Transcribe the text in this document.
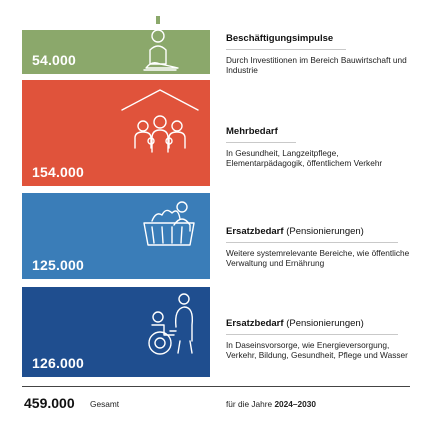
54.000
Beschäftigungsimpulse
Durch Investitionen im Bereich Bauwirtschaft und Industrie
154.000
Mehrbedarf
In Gesundheit, Langzeitpflege, Elementarpädagogik, öffentlichem Verkehr
125.000
Ersatzbedarf (Pensionierungen)
Weitere systemrelevante Bereiche, wie öffentliche Verwaltung und Ernährung
126.000
Ersatzbedarf (Pensionierungen)
In Daseinsvorsorge, wie Energieversorgung, Verkehr, Bildung, Gesundheit, Pflege und Wasser
459.000 Gesamt	für die Jahre 2024–2030
